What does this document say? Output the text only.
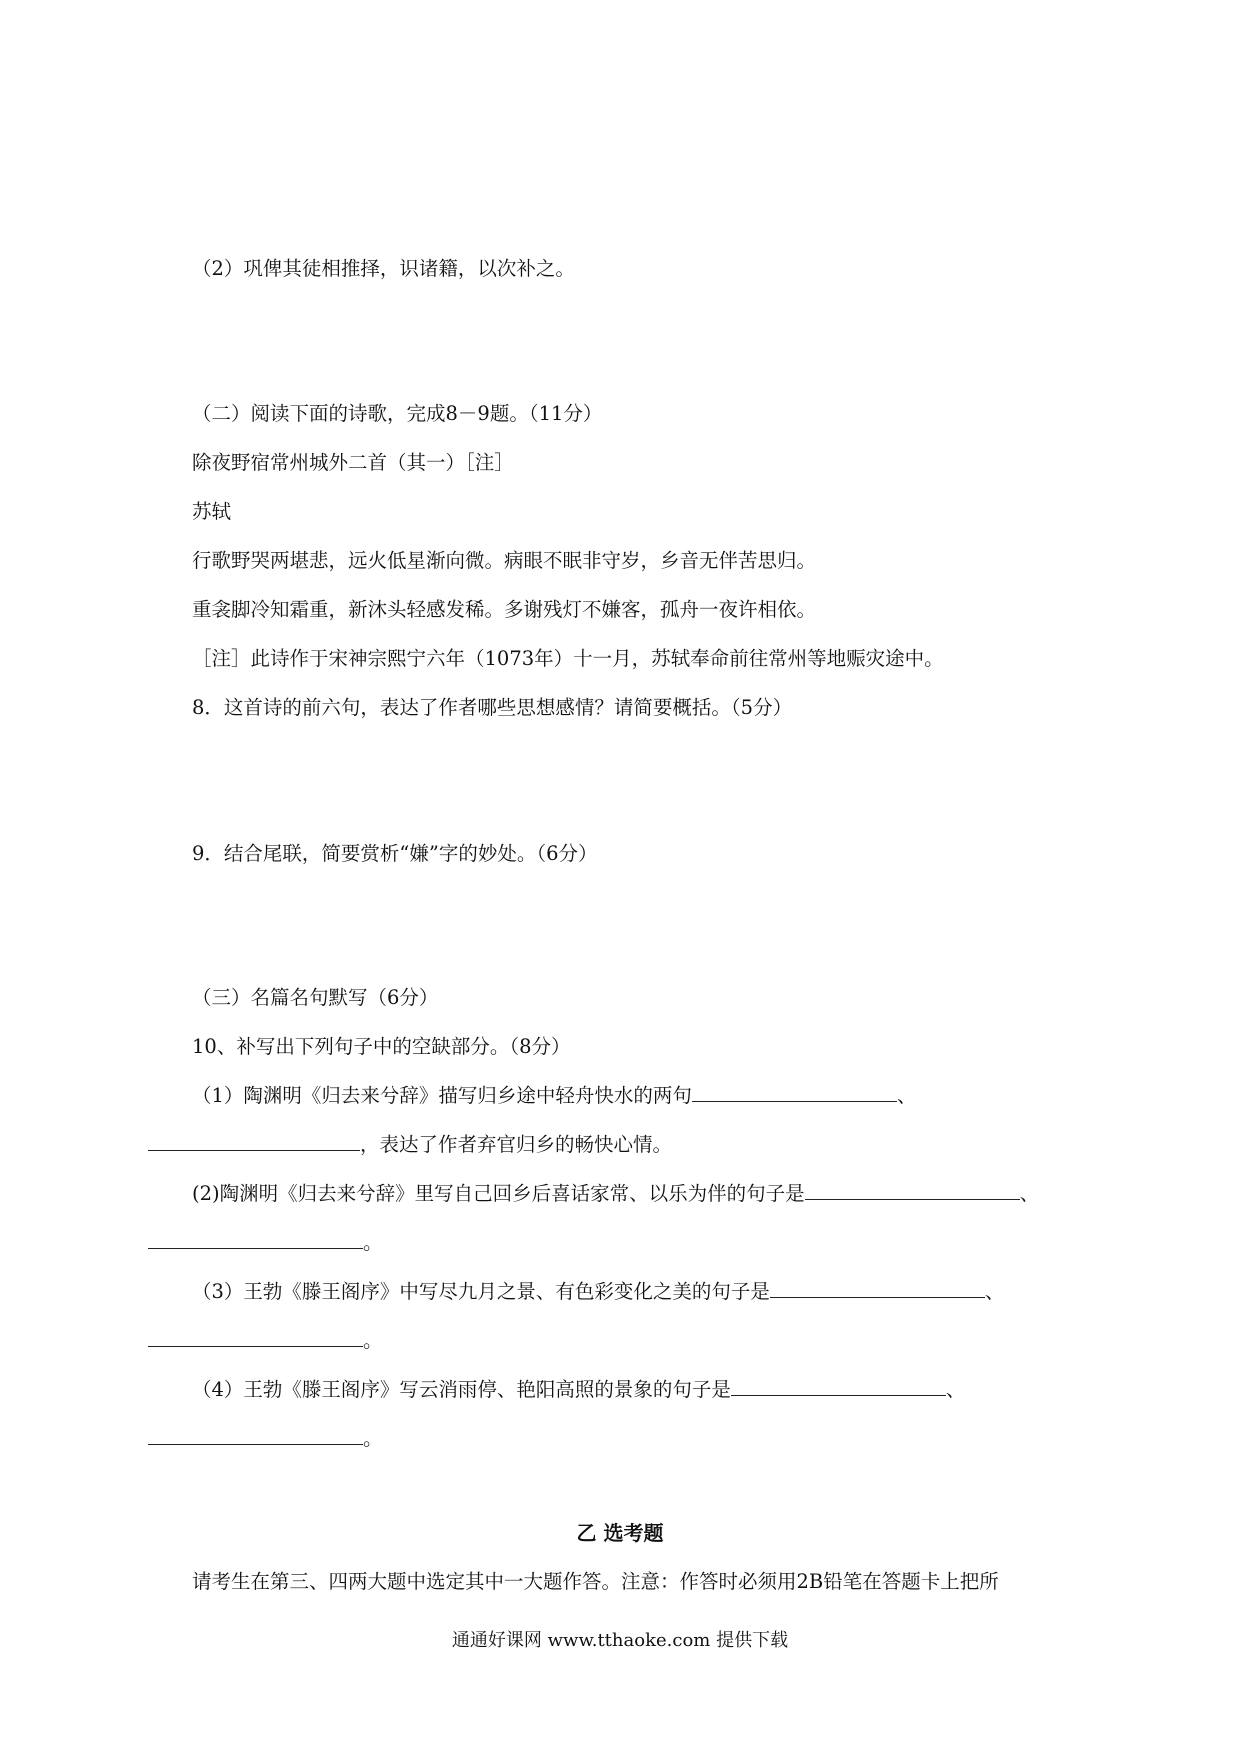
（2）巩俾其徒相推择，识诸籍，以次补之。
（二）阅读下面的诗歌，完成8－9题。（11分）
除夜野宿常州城外二首（其一）［注］
苏轼
行歌野哭两堪悲，远火低星渐向微。病眼不眠非守岁，乡音无伴苦思归。
重衾脚冷知霜重，新沐头轻感发稀。多谢残灯不嫌客，孤舟一夜许相依。
［注］此诗作于宋神宗熙宁六年（1073年）十一月，苏轼奉命前往常州等地赈灾途中。
8．这首诗的前六句，表达了作者哪些思想感情？请简要概括。（5分）
9．结合尾联，简要赏析“嫌”字的妙处。（6分）
（三）名篇名句默写（6分）
10、补写出下列句子中的空缺部分。（8分）
（1）陶渊明《归去来兮辞》描写归乡途中轻舟快水的两句	、
，表达了作者弃官归乡的畅快心情。
(2)陶渊明《归去来兮辞》里写自己回乡后喜话家常、以乐为伴的句子是	、
。
（3）王勃《滕王阁序》中写尽九月之景、有色彩变化之美的句子是	、
。
（4）王勃《滕王阁序》写云消雨停、艳阳高照的景象的句子是	、
。
乙 选考题
请考生在第三、四两大题中选定其中一大题作答。注意：作答时必须用2B铅笔在答题卡上把所
通通好课网 www.tthaoke.com 提供下载
